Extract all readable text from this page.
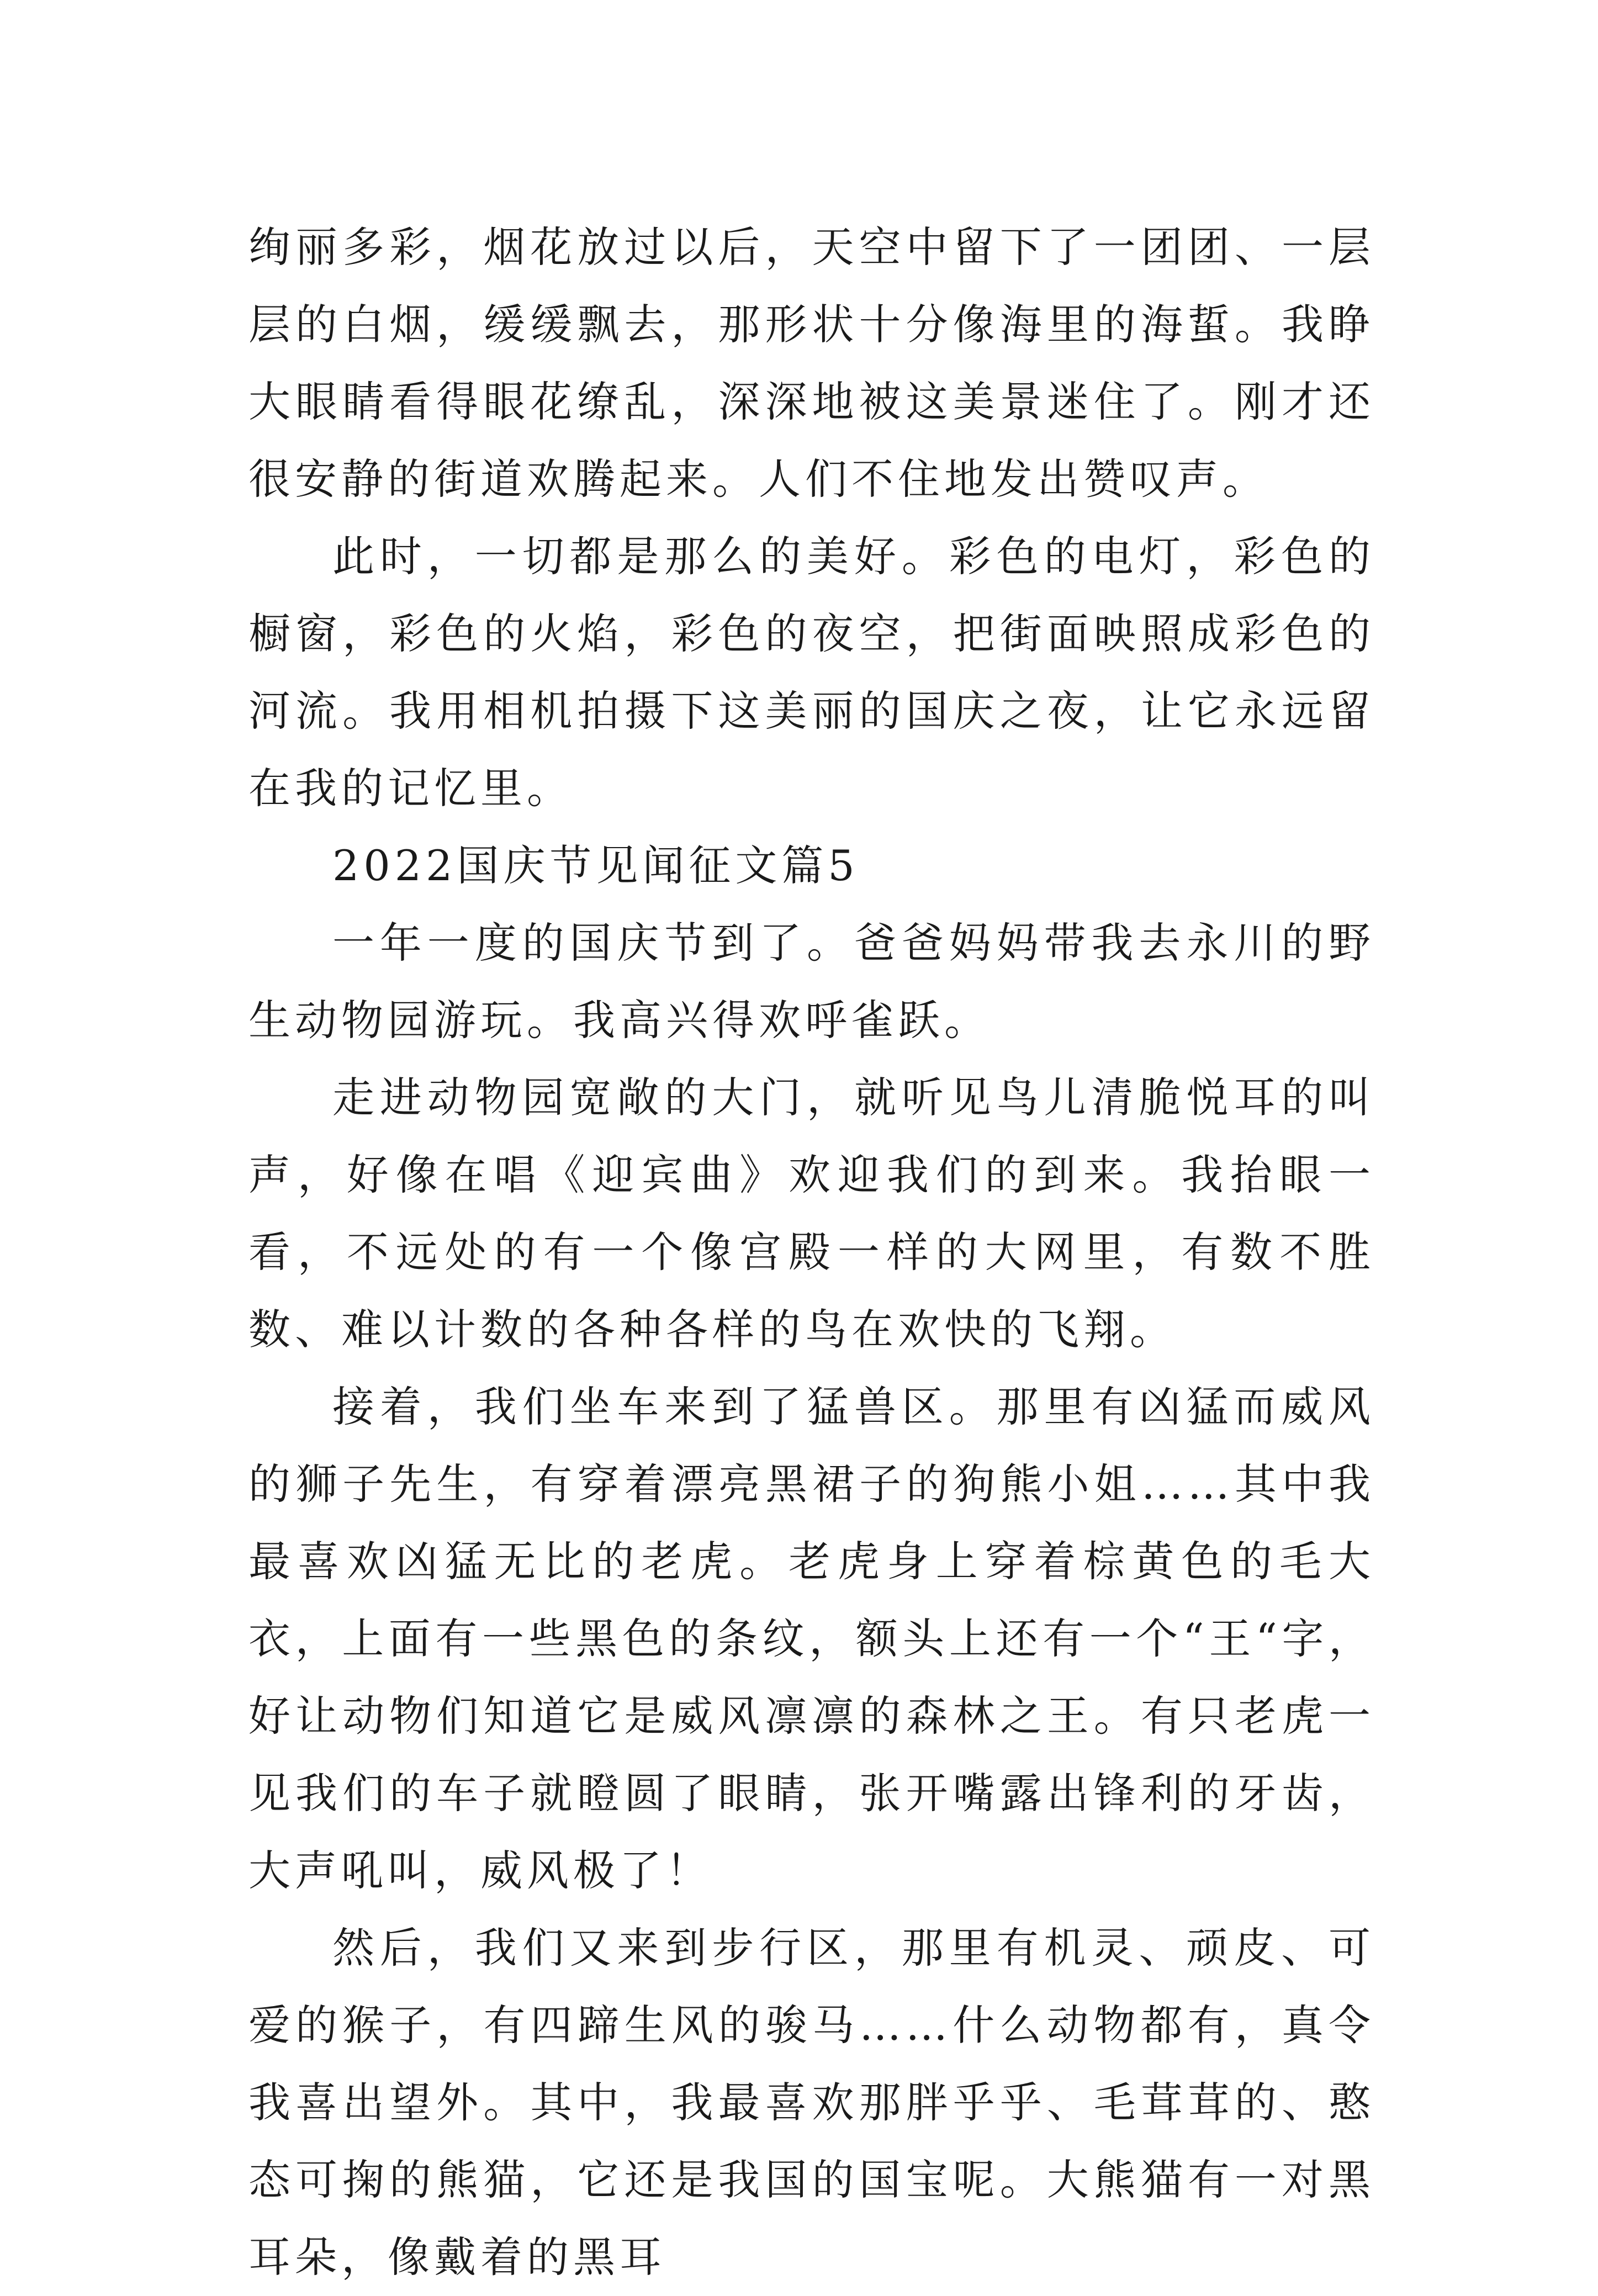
绚丽多彩，烟花放过以后，天空中留下了一团团、一层层的白烟，缓缓飘去，那形状十分像海里的海蜇。我睁大眼睛看得眼花缭乱，深深地被这美景迷住了。刚才还很安静的街道欢腾起来。人们不住地发出赞叹声。

此时，一切都是那么的美好。彩色的电灯，彩色的橱窗，彩色的火焰，彩色的夜空，把街面映照成彩色的河流。我用相机拍摄下这美丽的国庆之夜，让它永远留在我的记忆里。

2022国庆节见闻征文篇5

一年一度的国庆节到了。爸爸妈妈带我去永川的野生动物园游玩。我高兴得欢呼雀跃。

走进动物园宽敞的大门，就听见鸟儿清脆悦耳的叫声，好像在唱《迎宾曲》欢迎我们的到来。我抬眼一看，不远处的有一个像宫殿一样的大网里，有数不胜数、难以计数的各种各样的鸟在欢快的飞翔。

接着，我们坐车来到了猛兽区。那里有凶猛而威风的狮子先生，有穿着漂亮黑裙子的狗熊小姐……其中我最喜欢凶猛无比的老虎。老虎身上穿着棕黄色的毛大衣，上面有一些黑色的条纹，额头上还有一个“王“字，好让动物们知道它是威风凛凛的森林之王。有只老虎一见我们的车子就瞪圆了眼睛，张开嘴露出锋利的牙齿，大声吼叫，威风极了！

然后，我们又来到步行区，那里有机灵、顽皮、可爱的猴子，有四蹄生风的骏马……什么动物都有，真令我喜出望外。其中，我最喜欢那胖乎乎、毛茸茸的、憨态可掬的熊猫，它还是我国的国宝呢。大熊猫有一对黑耳朵，像戴着的黑耳
